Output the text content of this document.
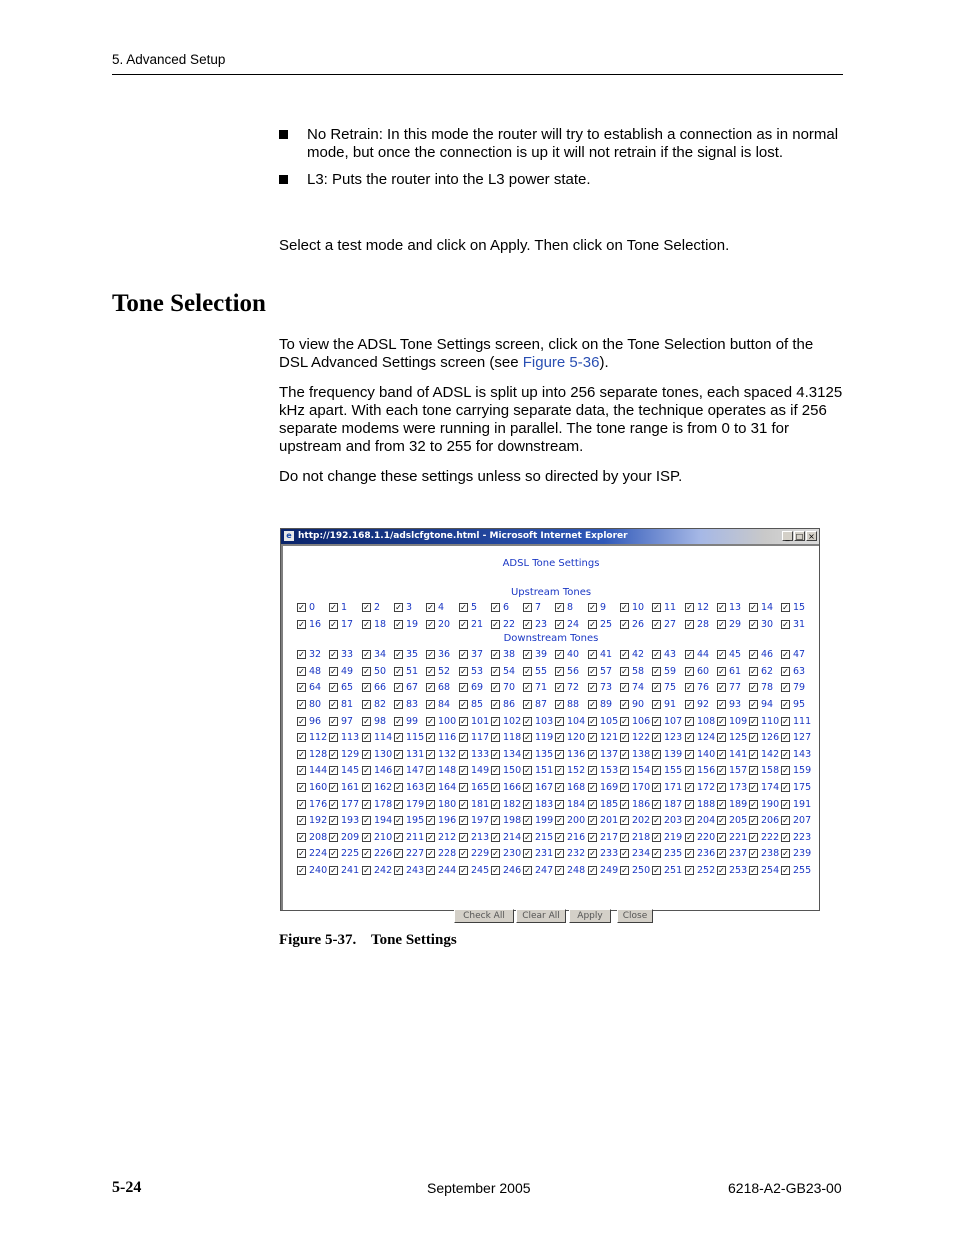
5. Advanced Setup
No Retrain: In this mode the router will try to establish a connection as in normal mode, but once the connection is up it will not retrain if the signal is lost.
L3: Puts the router into the L3 power state.

Select a test mode and click on Apply. Then click on Tone Selection.

Tone Selection

To view the ADSL Tone Settings screen, click on the Tone Selection button of the DSL Advanced Settings screen (see Figure 5-36).

The frequency band of ADSL is split up into 256 separate tones, each spaced 4.3125 kHz apart. With each tone carrying separate data, the technique operates as if 256 separate modems were running in parallel. The tone range is from 0 to 31 for upstream and from 32 to 255 for downstream.

Do not change these settings unless so directed by your ISP.

e http://192.168.1.1/adslcfgtone.html - Microsoft Internet Explorer	_ □ ×
ADSL Tone Settings
Upstream Tones
✓ 0 ✓ 1 ✓ 2 ✓ 3 ✓ 4 ✓ 5 ✓ 6 ✓ 7 ✓ 8 ✓ 9 ✓ 10 ✓ 11 ✓ 12 ✓ 13 ✓ 14 ✓ 15
✓ 16 ✓ 17 ✓ 18 ✓ 19 ✓ 20 ✓ 21 ✓ 22 ✓ 23 ✓ 24 ✓ 25 ✓ 26 ✓ 27 ✓ 28 ✓ 29 ✓ 30 ✓ 31
Downstream Tones
✓ 32 ✓ 33 ✓ 34 ✓ 35 ✓ 36 ✓ 37 ✓ 38 ✓ 39 ✓ 40 ✓ 41 ✓ 42 ✓ 43 ✓ 44 ✓ 45 ✓ 46 ✓ 47
✓ 48 ✓ 49 ✓ 50 ✓ 51 ✓ 52 ✓ 53 ✓ 54 ✓ 55 ✓ 56 ✓ 57 ✓ 58 ✓ 59 ✓ 60 ✓ 61 ✓ 62 ✓ 63
✓ 64 ✓ 65 ✓ 66 ✓ 67 ✓ 68 ✓ 69 ✓ 70 ✓ 71 ✓ 72 ✓ 73 ✓ 74 ✓ 75 ✓ 76 ✓ 77 ✓ 78 ✓ 79
✓ 80 ✓ 81 ✓ 82 ✓ 83 ✓ 84 ✓ 85 ✓ 86 ✓ 87 ✓ 88 ✓ 89 ✓ 90 ✓ 91 ✓ 92 ✓ 93 ✓ 94 ✓ 95
✓ 96 ✓ 97 ✓ 98 ✓ 99 ✓ 100 ✓ 101 ✓ 102 ✓ 103 ✓ 104 ✓ 105 ✓ 106 ✓ 107 ✓ 108 ✓ 109 ✓ 110 ✓ 111
✓ 112 ✓ 113 ✓ 114 ✓ 115 ✓ 116 ✓ 117 ✓ 118 ✓ 119 ✓ 120 ✓ 121 ✓ 122 ✓ 123 ✓ 124 ✓ 125 ✓ 126 ✓ 127
✓ 128 ✓ 129 ✓ 130 ✓ 131 ✓ 132 ✓ 133 ✓ 134 ✓ 135 ✓ 136 ✓ 137 ✓ 138 ✓ 139 ✓ 140 ✓ 141 ✓ 142 ✓ 143
✓ 144 ✓ 145 ✓ 146 ✓ 147 ✓ 148 ✓ 149 ✓ 150 ✓ 151 ✓ 152 ✓ 153 ✓ 154 ✓ 155 ✓ 156 ✓ 157 ✓ 158 ✓ 159
✓ 160 ✓ 161 ✓ 162 ✓ 163 ✓ 164 ✓ 165 ✓ 166 ✓ 167 ✓ 168 ✓ 169 ✓ 170 ✓ 171 ✓ 172 ✓ 173 ✓ 174 ✓ 175
✓ 176 ✓ 177 ✓ 178 ✓ 179 ✓ 180 ✓ 181 ✓ 182 ✓ 183 ✓ 184 ✓ 185 ✓ 186 ✓ 187 ✓ 188 ✓ 189 ✓ 190 ✓ 191
✓ 192 ✓ 193 ✓ 194 ✓ 195 ✓ 196 ✓ 197 ✓ 198 ✓ 199 ✓ 200 ✓ 201 ✓ 202 ✓ 203 ✓ 204 ✓ 205 ✓ 206 ✓ 207
✓ 208 ✓ 209 ✓ 210 ✓ 211 ✓ 212 ✓ 213 ✓ 214 ✓ 215 ✓ 216 ✓ 217 ✓ 218 ✓ 219 ✓ 220 ✓ 221 ✓ 222 ✓ 223
✓ 224 ✓ 225 ✓ 226 ✓ 227 ✓ 228 ✓ 229 ✓ 230 ✓ 231 ✓ 232 ✓ 233 ✓ 234 ✓ 235 ✓ 236 ✓ 237 ✓ 238 ✓ 239
✓ 240 ✓ 241 ✓ 242 ✓ 243 ✓ 244 ✓ 245 ✓ 246 ✓ 247 ✓ 248 ✓ 249 ✓ 250 ✓ 251 ✓ 252 ✓ 253 ✓ 254 ✓ 255
Check All	Clear All	Apply	Close
Figure 5-37.    Tone Settings
5-24	September 2005	6218-A2-GB23-00
